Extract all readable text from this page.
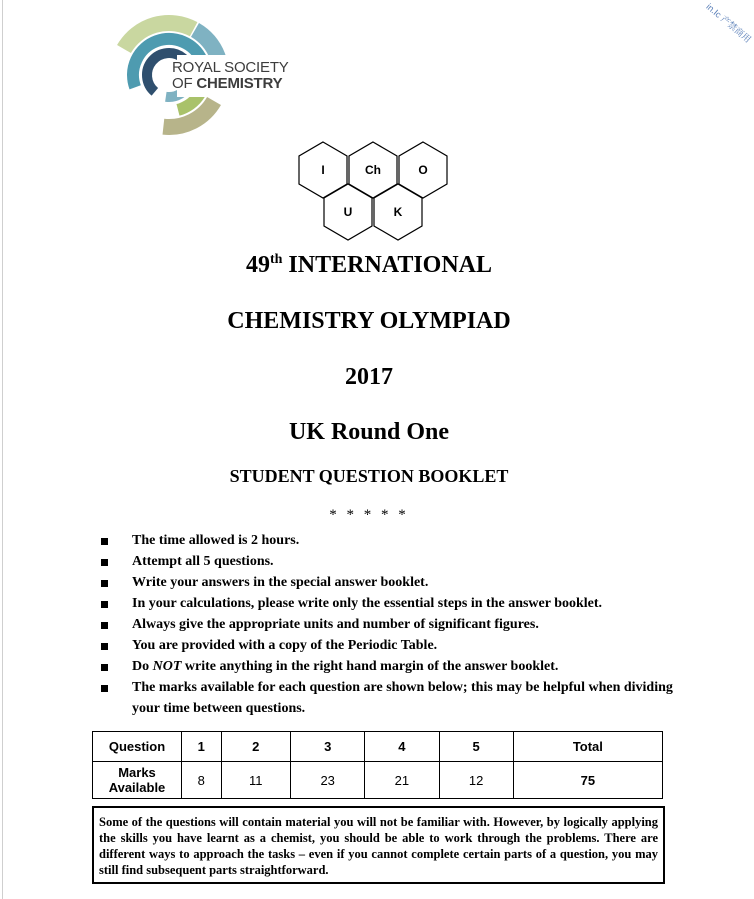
ROYAL SOCIETY
OF CHEMISTRY
in.Ic 产禁商用
I	Ch	O
U	K
49th INTERNATIONAL
CHEMISTRY OLYMPIAD
2017
UK Round One
STUDENT QUESTION BOOKLET
* * * * *
The time allowed is 2 hours.
Attempt all 5 questions.
Write your answers in the special answer booklet.
In your calculations, please write only the essential steps in the answer booklet.
Always give the appropriate units and number of significant figures.
You are provided with a copy of the Periodic Table.
Do NOT write anything in the right hand margin of the answer booklet.
The marks available for each question are shown below; this may be helpful when dividing your time between questions.
Question	1	2	3	4	5	Total
Marks Available	8	11	23	21	12	75
Some of the questions will contain material you will not be familiar with. However, by logically applying the skills you have learnt as a chemist, you should be able to work through the problems. There are different ways to approach the tasks – even if you cannot complete certain parts of a question, you may still find subsequent parts straightforward.
